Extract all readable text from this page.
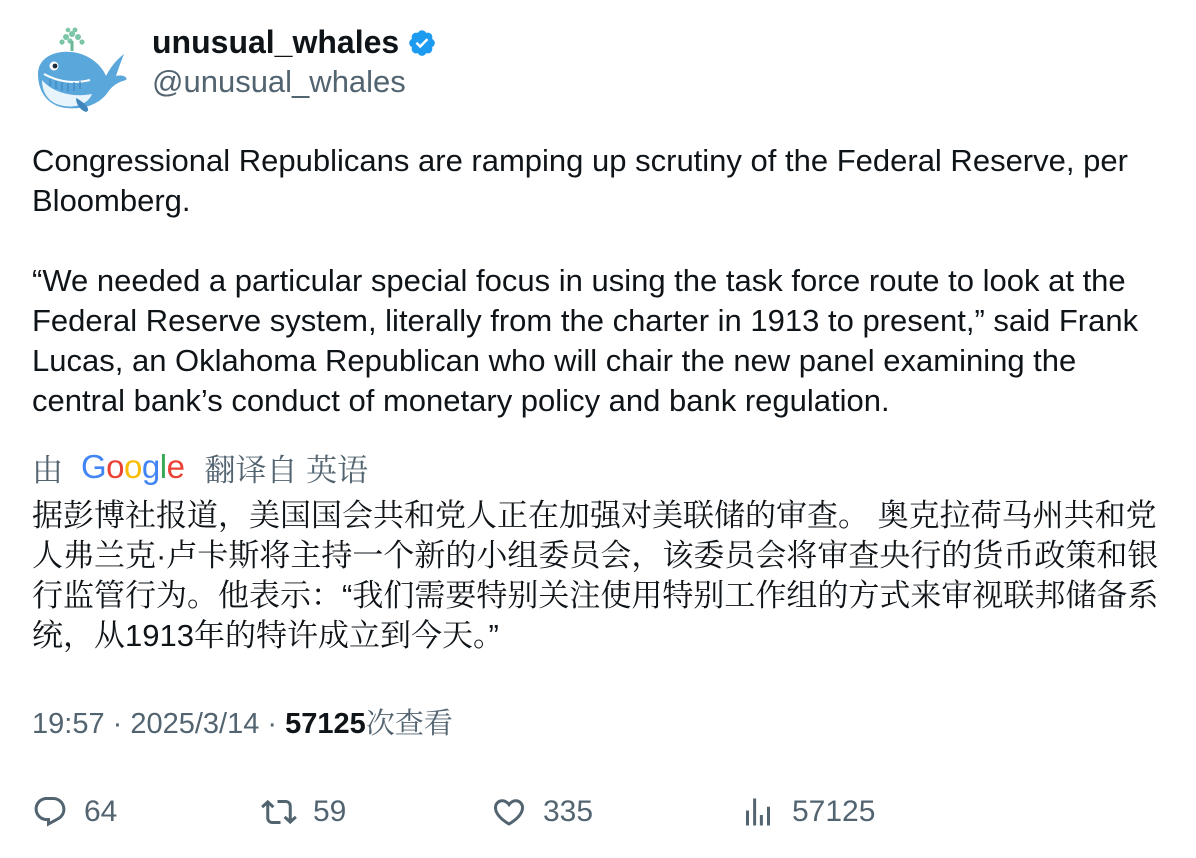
unusual_whales
@unusual_whales

Congressional Republicans are ramping up scrutiny of the Federal Reserve, per Bloomberg.

“We needed a particular special focus in using the task force route to look at the Federal Reserve system, literally from the charter in 1913 to present,” said Frank Lucas, an Oklahoma Republican who will chair the new panel examining the central bank’s conduct of monetary policy and bank regulation.

由 Google 翻译自 英语
据彭博社报道，美国国会共和党人正在加强对美联储的审查。 奥克拉荷马州共和党人弗兰克·卢卡斯将主持一个新的小组委员会，该委员会将审查央行的货币政策和银行监管行为。他表示：“我们需要特别关注使用特别工作组的方式来审视联邦储备系统，从1913年的特许成立到今天。”
19:57 · 2025/3/14 · 57125次查看
64	59	335	57125
